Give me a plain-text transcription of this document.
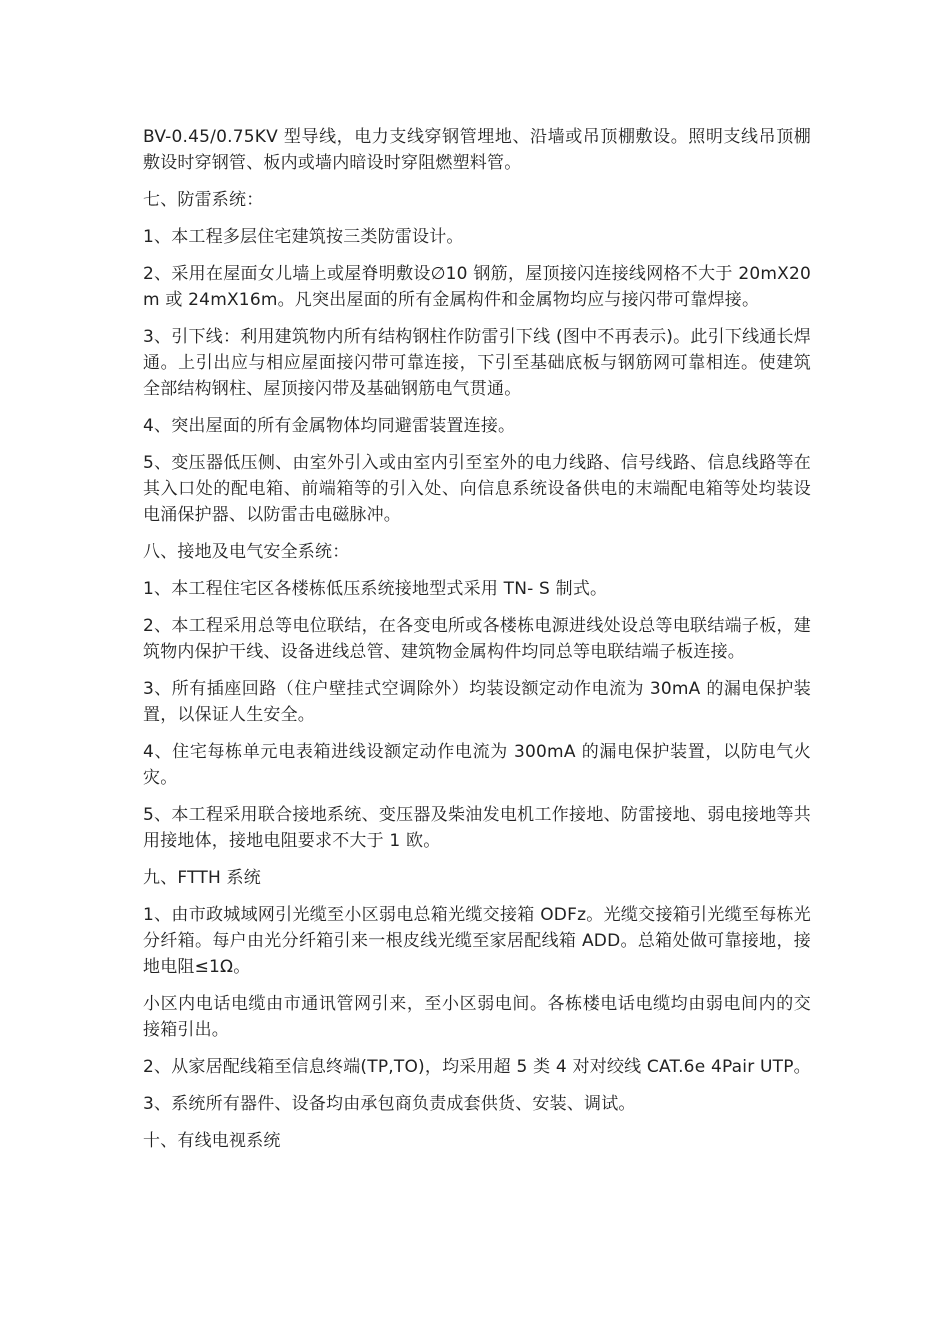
BV-0.45/0.75KV 型导线，电力支线穿钢管埋地、沿墙或吊顶棚敷设。照明支线吊顶棚敷设时穿钢管、板内或墙内暗设时穿阻燃塑料管。

七、防雷系统：

1、本工程多层住宅建筑按三类防雷设计。

2、采用在屋面女儿墙上或屋脊明敷设∅10 钢筋，屋顶接闪连接线网格不大于 20mX20m 或 24mX16m。凡突出屋面的所有金属构件和金属物均应与接闪带可靠焊接。

3、引下线：利用建筑物内所有结构钢柱作防雷引下线 (图中不再表示)。此引下线通长焊通。上引出应与相应屋面接闪带可靠连接，下引至基础底板与钢筋网可靠相连。使建筑全部结构钢柱、屋顶接闪带及基础钢筋电气贯通。

4、突出屋面的所有金属物体均同避雷装置连接。

5、变压器低压侧、由室外引入或由室内引至室外的电力线路、信号线路、信息线路等在其入口处的配电箱、前端箱等的引入处、向信息系统设备供电的末端配电箱等处均装设电涌保护器、以防雷击电磁脉冲。

八、接地及电气安全系统：

1、本工程住宅区各楼栋低压系统接地型式采用 TN- S 制式。

2、本工程采用总等电位联结，在各变电所或各楼栋电源进线处设总等电联结端子板，建筑物内保护干线、设备进线总管、建筑物金属构件均同总等电联结端子板连接。

3、所有插座回路（住户壁挂式空调除外）均装设额定动作电流为 30mA 的漏电保护装置，以保证人生安全。

4、住宅每栋单元电表箱进线设额定动作电流为 300mA 的漏电保护装置，以防电气火灾。

5、本工程采用联合接地系统、变压器及柴油发电机工作接地、防雷接地、弱电接地等共用接地体，接地电阻要求不大于 1 欧。

九、FTTH 系统

1、由市政城域网引光缆至小区弱电总箱光缆交接箱 ODFz。光缆交接箱引光缆至每栋光分纤箱。每户由光分纤箱引来一根皮线光缆至家居配线箱 ADD。总箱处做可靠接地，接地电阻≤1Ω。

小区内电话电缆由市通讯管网引来，至小区弱电间。各栋楼电话电缆均由弱电间内的交接箱引出。

2、从家居配线箱至信息终端(TP,TO)，均采用超 5 类 4 对对绞线 CAT.6e 4Pair UTP。

3、系统所有器件、设备均由承包商负责成套供货、安装、调试。

十、有线电视系统
